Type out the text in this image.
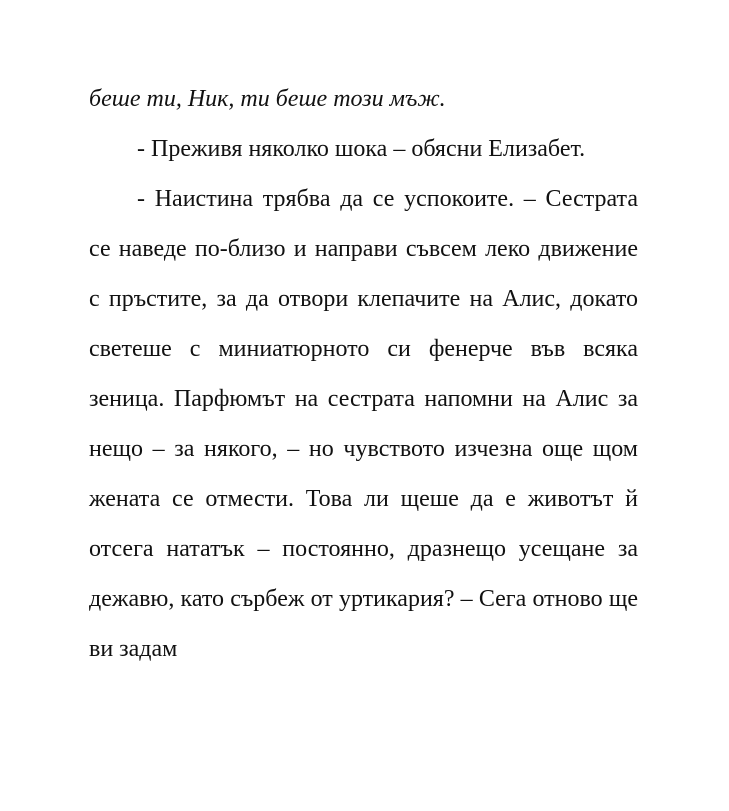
беше ти, Ник, ти беше този мъж.

- Преживя няколко шока – обясни Елизабет.

- Наистина трябва да се успокоите. – Сестрата се наведе по-близо и направи съвсем леко движение с пръстите, за да отвори клепачите на Алис, докато светеше с миниатюрното си фенерче във всяка зеница. Парфюмът на сестрата напомни на Алис за нещо – за някого, – но чувството изчезна още щом жената се отмести. Това ли щеше да е животът й отсега нататък – постоянно, дразнещо усещане за дежавю, като сърбеж от уртикария? – Сега отново ще ви задам
